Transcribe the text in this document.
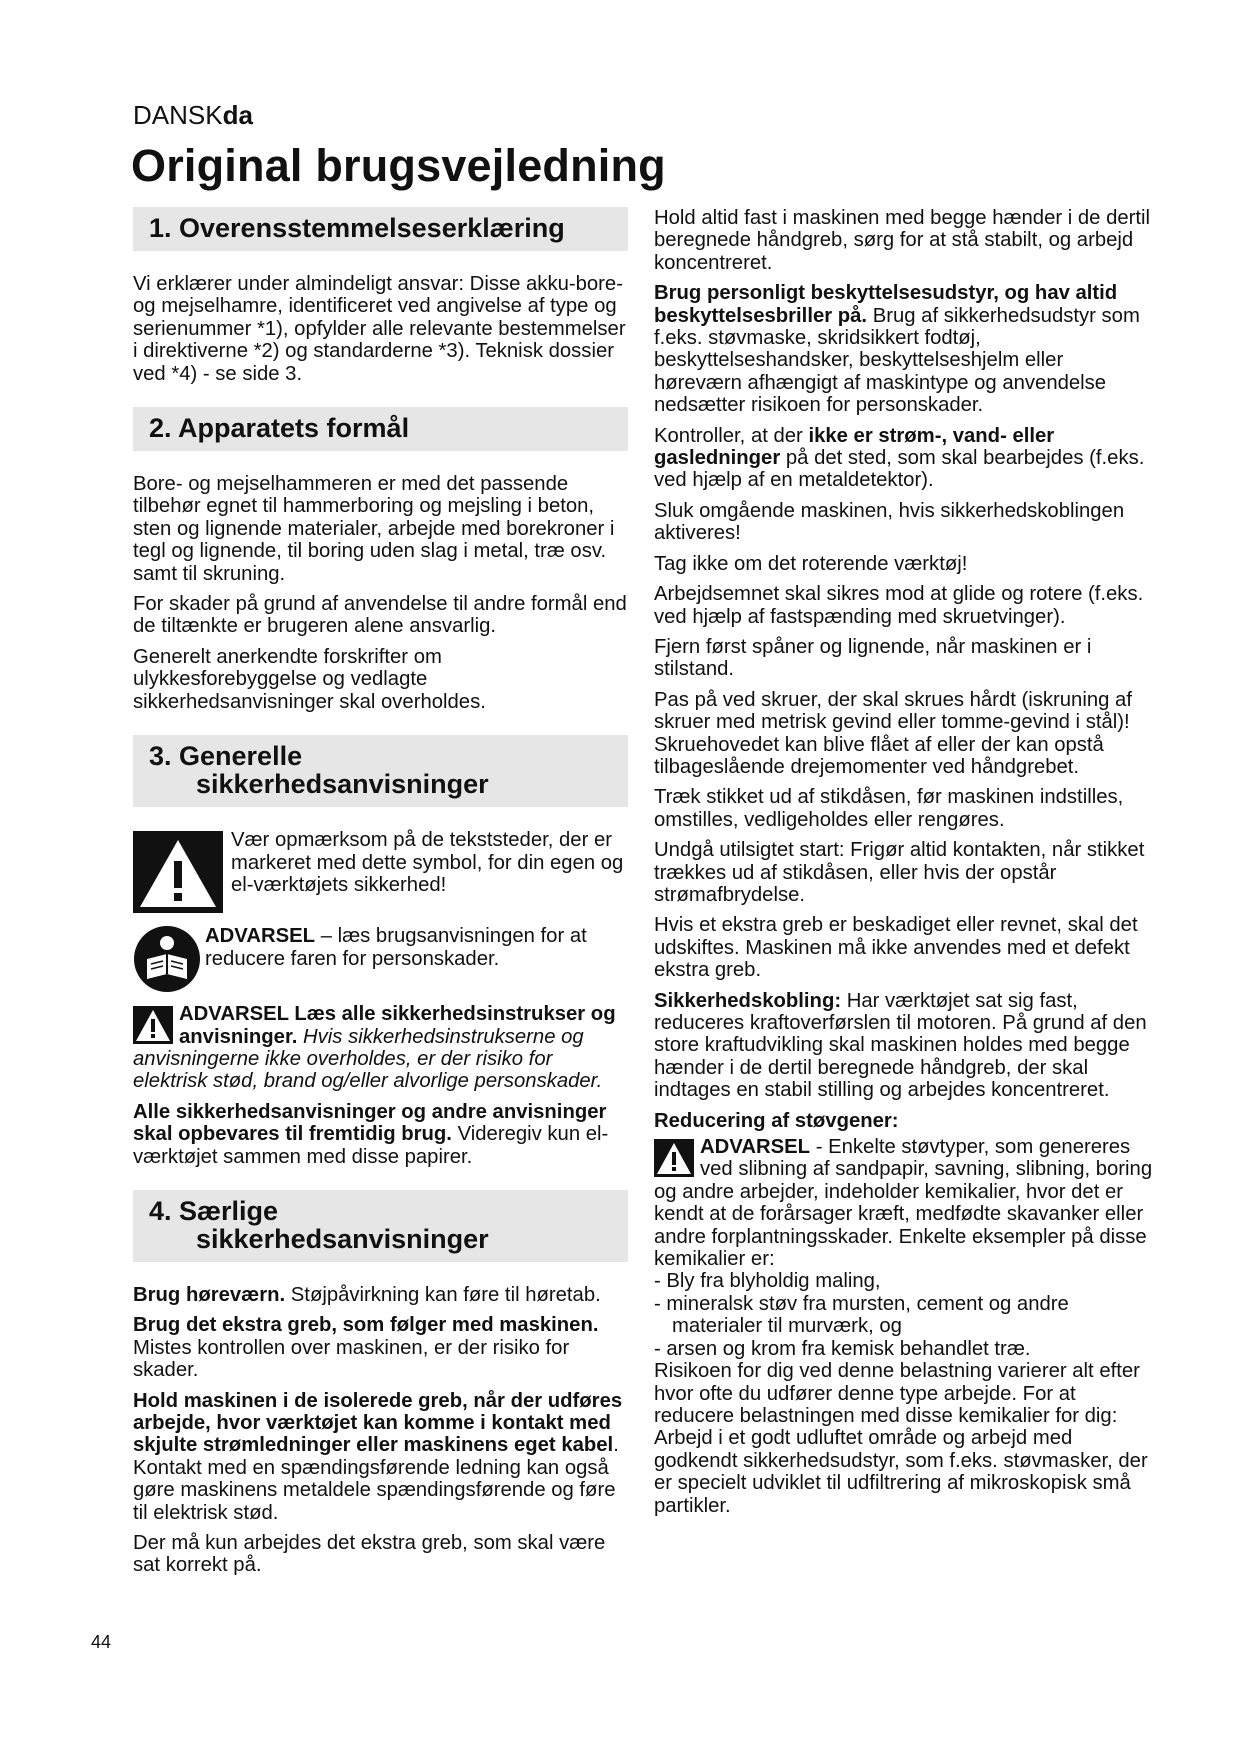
DANSKda
Original brugsvejledning
1. Overensstemmelseserklæring

Vi erklærer under almindeligt ansvar: Disse akku-bore- og mejselhamre, identificeret ved angivelse af type og serienummer *1), opfylder alle relevante bestemmelser i direktiverne *2) og standarderne *3). Teknisk dossier ved *4) - se side 3.

2. Apparatets formål

Bore- og mejselhammeren er med det passende tilbehør egnet til hammerboring og mejsling i beton, sten og lignende materialer, arbejde med borekroner i tegl og lignende, til boring uden slag i metal, træ osv. samt til skruning.

For skader på grund af anvendelse til andre formål end de tiltænkte er brugeren alene ansvarlig.

Generelt anerkendte forskrifter om ulykkesforebyggelse og vedlagte sikkerhedsanvisninger skal overholdes.

3. Generelle
sikkerhedsanvisninger

Vær opmærksom på de tekststeder, der er markeret med dette symbol, for din egen og el-værktøjets sikkerhed!

ADVARSEL – læs brugsanvisningen for at reducere faren for personskader.

ADVARSEL Læs alle sikkerhedsinstrukser og anvisninger. Hvis sikkerhedsinstrukserne og anvisningerne ikke overholdes, er der risiko for elektrisk stød, brand og/eller alvorlige personskader.

Alle sikkerhedsanvisninger og andre anvisninger skal opbevares til fremtidig brug. Videregiv kun el-værktøjet sammen med disse papirer.

4. Særlige
sikkerhedsanvisninger

Brug høreværn. Støjpåvirkning kan føre til høretab.

Brug det ekstra greb, som følger med maskinen. Mistes kontrollen over maskinen, er der risiko for skader.

Hold maskinen i de isolerede greb, når der udføres arbejde, hvor værktøjet kan komme i kontakt med skjulte strømledninger eller maskinens eget kabel. Kontakt med en spændingsførende ledning kan også gøre maskinens metaldele spændingsførende og føre til elektrisk stød.

Der må kun arbejdes det ekstra greb, som skal være sat korrekt på.

Hold altid fast i maskinen med begge hænder i de dertil beregnede håndgreb, sørg for at stå stabilt, og arbejd koncentreret.

Brug personligt beskyttelsesudstyr, og hav altid beskyttelsesbriller på. Brug af sikkerhedsudstyr som f.eks. støvmaske, skridsikkert fodtøj, beskyttelseshandsker, beskyttelseshjelm eller høreværn afhængigt af maskintype og anvendelse nedsætter risikoen for personskader.

Kontroller, at der ikke er strøm-, vand- eller gasledninger på det sted, som skal bearbejdes (f.eks. ved hjælp af en metaldetektor).

Sluk omgående maskinen, hvis sikkerhedskoblingen aktiveres!

Tag ikke om det roterende værktøj!

Arbejdsemnet skal sikres mod at glide og rotere (f.eks. ved hjælp af fastspænding med skruetvinger).

Fjern først spåner og lignende, når maskinen er i stilstand.

Pas på ved skruer, der skal skrues hårdt (iskruning af skruer med metrisk gevind eller tomme-gevind i stål)! Skruehovedet kan blive flået af eller der kan opstå tilbageslående drejemomenter ved håndgrebet.

Træk stikket ud af stikdåsen, før maskinen indstilles, omstilles, vedligeholdes eller rengøres.

Undgå utilsigtet start: Frigør altid kontakten, når stikket trækkes ud af stikdåsen, eller hvis der opstår strømafbrydelse.

Hvis et ekstra greb er beskadiget eller revnet, skal det udskiftes. Maskinen må ikke anvendes med et defekt ekstra greb.

Sikkerhedskobling: Har værktøjet sat sig fast, reduceres kraftoverførslen til motoren. På grund af den store kraftudvikling skal maskinen holdes med begge hænder i de dertil beregnede håndgreb, der skal indtages en stabil stilling og arbejdes koncentreret.

Reducering af støvgener:

ADVARSEL - Enkelte støvtyper, som genereres ved slibning af sandpapir, savning, slibning, boring og andre arbejder, indeholder kemikalier, hvor det er kendt at de forårsager kræft, medfødte skavanker eller andre forplantningsskader. Enkelte eksempler på disse kemikalier er:

- Bly fra blyholdig maling,
- mineralsk støv fra mursten, cement og andre
materialer til murværk, og
- arsen og krom fra kemisk behandlet træ.

Risikoen for dig ved denne belastning varierer alt efter hvor ofte du udfører denne type arbejde. For at reducere belastningen med disse kemikalier for dig: Arbejd i et godt udluftet område og arbejd med godkendt sikkerhedsudstyr, som f.eks. støvmasker, der er specielt udviklet til udfiltrering af mikroskopisk små partikler.

44
